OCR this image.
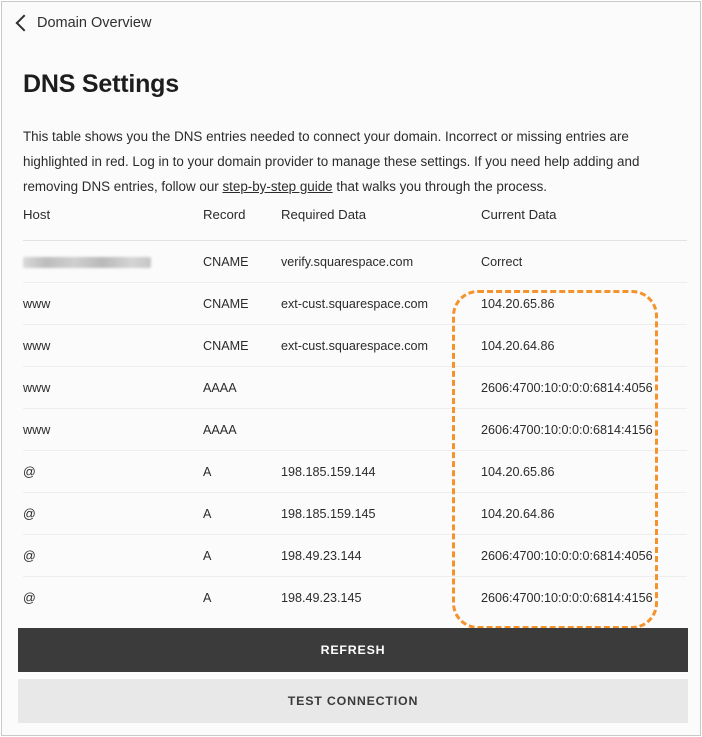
Domain Overview
DNS Settings
This table shows you the DNS entries needed to connect your domain. Incorrect or missing entries are highlighted in red. Log in to your domain provider to manage these settings. If you need help adding and removing DNS entries, follow our step-by-step guide that walks you through the process.
Host	Record	Required Data	Current Data
	CNAME	verify.squarespace.com	Correct
www	CNAME	ext-cust.squarespace.com	104.20.65.86
www	CNAME	ext-cust.squarespace.com	104.20.64.86
www	AAAA		2606:4700:10:0:0:0:6814:4056
www	AAAA		2606:4700:10:0:0:0:6814:4156
@	A	198.185.159.144	104.20.65.86
@	A	198.185.159.145	104.20.64.86
@	A	198.49.23.144	2606:4700:10:0:0:0:6814:4056
@	A	198.49.23.145	2606:4700:10:0:0:0:6814:4156
REFRESH
TEST CONNECTION
